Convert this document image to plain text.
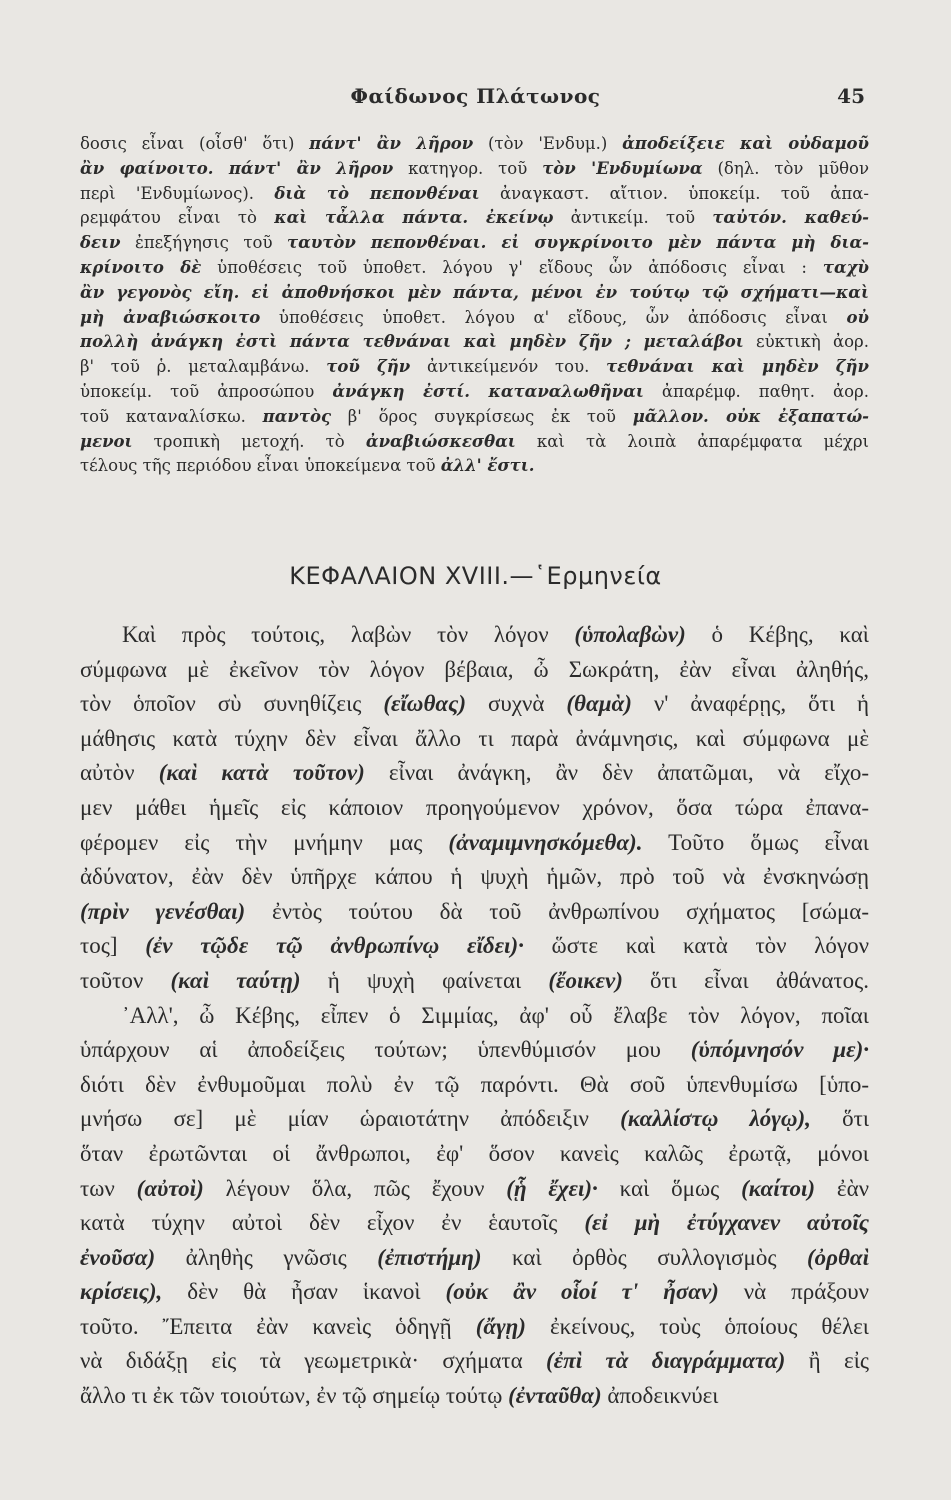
Φαίδωνος Πλάτωνος	45
δοσις εἶναι (οἶσθ' ὅτι) πάντ' ἂν λῆρον (τὸν 'Ενδυμ.) ἀποδείξειε καὶ οὐδαμοῦ
ἂν φαίνοιτο. πάντ' ἂν λῆρον κατηγορ. τοῦ τὸν 'Ενδυμίωνα (δηλ. τὸν μῦθον
περὶ 'Ενδυμίωνος). διὰ τὸ πεπονθέναι ἀναγκαστ. αἴτιον. ὑποκείμ. τοῦ ἀπα-
ρεμφάτου εἶναι τὸ καὶ τἆλλα πάντα. ἐκείνῳ ἀντικείμ. τοῦ ταὐτόν. καθεύ-
δειν ἐπεξήγησις τοῦ ταυτὸν πεπονθέναι. εἰ συγκρίνοιτο μὲν πάντα μὴ δια-
κρίνοιτο δὲ ὑποθέσεις τοῦ ὑποθετ. λόγου γ' εἴδους ὧν ἀπόδοσις εἶναι : ταχὺ
ἂν γεγονὸς εἴη. εἰ ἀποθνήσκοι μὲν πάντα, μένοι ἐν τούτῳ τῷ σχήματι—καὶ
μὴ ἀναβιώσκοιτο ὑποθέσεις ὑποθετ. λόγου α' εἴδους, ὧν ἀπόδοσις εἶναι οὐ
πολλὴ ἀνάγκη ἐστὶ πάντα τεθνάναι καὶ μηδὲν ζῆν ; μεταλάβοι εὐκτικὴ ἀορ.
β' τοῦ ῥ. μεταλαμβάνω. τοῦ ζῆν ἀντικείμενόν του. τεθνάναι καὶ μηδὲν ζῆν
ὑποκείμ. τοῦ ἀπροσώπου ἀνάγκη ἐστί. καταναλωθῆναι ἀπαρέμφ. παθητ. ἀορ.
τοῦ καταναλίσκω. παντὸς β' ὅρος συγκρίσεως ἐκ τοῦ μᾶλλον. οὐκ ἐξαπατώ-
μενοι τροπικὴ μετοχή. τὸ ἀναβιώσκεσθαι καὶ τὰ λοιπὰ ἀπαρέμφατα μέχρι
τέλους τῆς περιόδου εἶναι ὑποκείμενα τοῦ ἀλλ' ἔστι.
ΚΕΦΑΛΑΙΟΝ XVIII.—῾Ερμηνεία
Καὶ πρὸς τούτοις, λαβὼν τὸν λόγον (ὑπολαβὼν) ὁ Κέβης, καὶ
σύμφωνα μὲ ἐκεῖνον τὸν λόγον βέβαια, ὦ Σωκράτη, ἐὰν εἶναι ἀληθής,
τὸν ὁποῖον σὺ συνηθίζεις (εἴωθας) συχνὰ (θαμὰ) ν' ἀναφέρῃς, ὅτι ἡ
μάθησις κατὰ τύχην δὲν εἶναι ἄλλο τι παρὰ ἀνάμνησις, καὶ σύμφωνα μὲ
αὐτὸν (καὶ κατὰ τοῦτον) εἶναι ἀνάγκη, ἂν δὲν ἀπατῶμαι, νὰ εἴχο-
μεν μάθει ἡμεῖς εἰς κάποιον προηγούμενον χρόνον, ὅσα τώρα ἐπανα-
φέρομεν εἰς τὴν μνήμην μας (ἀναμιμνησκόμεθα). Τοῦτο ὅμως εἶναι
ἀδύνατον, ἐὰν δὲν ὑπῆρχε κάπου ἡ ψυχὴ ἡμῶν, πρὸ τοῦ νὰ ἐνσκηνώσῃ
(πρὶν γενέσθαι) ἐντὸς τούτου δὰ τοῦ ἀνθρωπίνου σχήματος [σώμα-
τος] (ἐν τῷδε τῷ ἀνθρωπίνῳ εἴδει)· ὥστε καὶ κατὰ τὸν λόγον
τοῦτον (καὶ ταύτῃ) ἡ ψυχὴ φαίνεται (ἔοικεν) ὅτι εἶναι ἀθάνατος.
᾿Αλλ', ὦ Κέβης, εἶπεν ὁ Σιμμίας, ἀφ' οὗ ἔλαβε τὸν λόγον, ποῖαι
ὑπάρχουν αἱ ἀποδείξεις τούτων; ὑπενθύμισόν μου (ὑπόμνησόν με)·
διότι δὲν ἐνθυμοῦμαι πολὺ ἐν τῷ παρόντι. Θὰ σοῦ ὑπενθυμίσω [ὑπο-
μνήσω σε] μὲ μίαν ὡραιοτάτην ἀπόδειξιν (καλλίστῳ λόγῳ), ὅτι
ὅταν ἐρωτῶνται οἱ ἄνθρωποι, ἐφ' ὅσον κανεὶς καλῶς ἐρωτᾷ, μόνοι
των (αὐτοὶ) λέγουν ὅλα, πῶς ἔχουν (ᾗ ἔχει)· καὶ ὅμως (καίτοι) ἐὰν
κατὰ τύχην αὐτοὶ δὲν εἶχον ἐν ἑαυτοῖς (εἰ μὴ ἐτύγχανεν αὐτοῖς
ἐνοῦσα) ἀληθὴς γνῶσις (ἐπιστήμη) καὶ ὀρθὸς συλλογισμὸς (ὀρθαὶ
κρίσεις), δὲν θὰ ἦσαν ἱκανοὶ (οὐκ ἂν οἷοί τ' ἦσαν) νὰ πράξουν
τοῦτο. Ἔπειτα ἐὰν κανεὶς ὁδηγῇ (ἄγῃ) ἐκείνους, τοὺς ὁποίους θέλει
νὰ διδάξῃ εἰς τὰ γεωμετρικὰ· σχήματα (ἐπὶ τὰ διαγράμματα) ἢ εἰς
ἄλλο τι ἐκ τῶν τοιούτων, ἐν τῷ σημείῳ τούτῳ (ἐνταῦθα) ἀποδεικνύει
